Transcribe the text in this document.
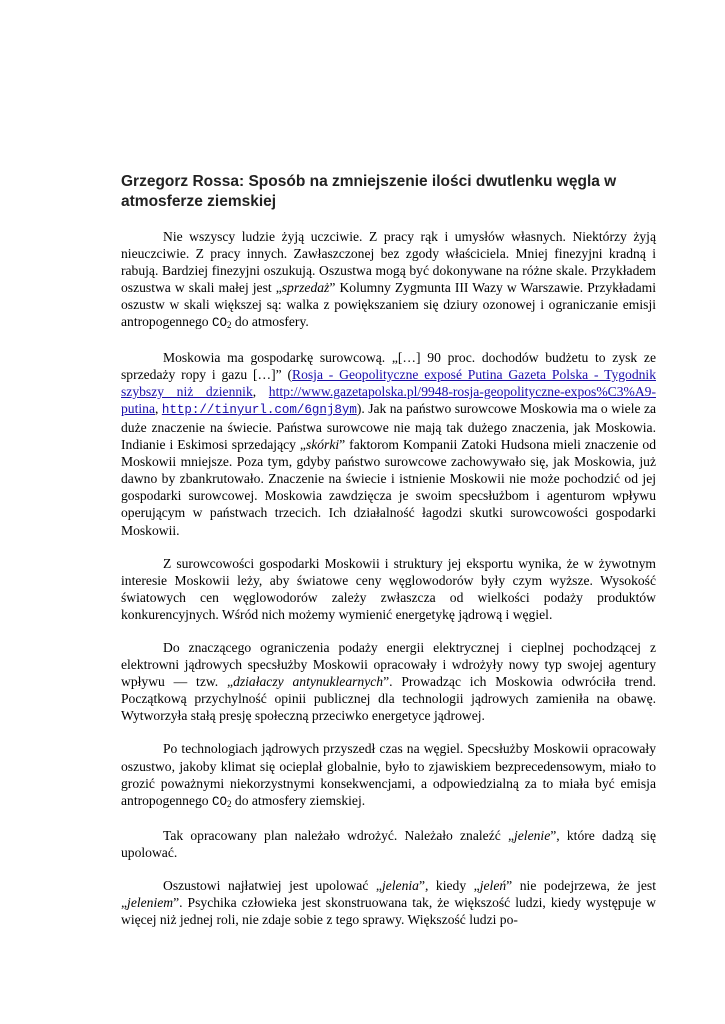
Grzegorz Rossa: Sposób na zmniejszenie ilości dwutlenku węgla w atmosferze ziemskiej

Nie wszyscy ludzie żyją uczciwie. Z pracy rąk i umysłów własnych. Niektórzy żyją nieuczciwie. Z pracy innych. Zawłaszczonej bez zgody właściciela. Mniej finezyjni kradną i rabują. Bardziej finezyjni oszukują. Oszustwa mogą być dokonywane na różne skale. Przykładem oszustwa w skali małej jest „sprzedaż” Kolumny Zygmunta III Wazy w Warszawie. Przykładami oszustw w skali większej są: walka z powiększaniem się dziury ozonowej i ograniczanie emisji antropogennego $CO_2$ do atmosfery.

Moskowia ma gospodarkę surowcową. „[…] 90 proc. dochodów budżetu to zysk ze sprzedaży ropy i gazu […]” (Rosja - Geopolityczne exposé Putina Gazeta Polska - Tygodnik szybszy niż dziennik, http://www.gazetapolska.pl/9948-rosja-geopolityczne-expos%C3%A9-putina, http://tinyurl.com/6gnj8ym). Jak na państwo surowcowe Moskowia ma o wiele za duże znaczenie na świecie. Państwa surowcowe nie mają tak dużego znaczenia, jak Moskowia. Indianie i Eskimosi sprzedający „skórki” faktorom Kompanii Zatoki Hudsona mieli znaczenie od Moskowii mniejsze. Poza tym, gdyby państwo surowcowe zachowywało się, jak Moskowia, już dawno by zbankrutowało. Znaczenie na świecie i istnienie Moskowii nie może pochodzić od jej gospodarki surowcowej. Moskowia zawdzięcza je swoim specsłużbom i agenturom wpływu operującym w państwach trzecich. Ich działalność łagodzi skutki surowcowości gospodarki Moskowii.

Z surowcowości gospodarki Moskowii i struktury jej eksportu wynika, że w żywotnym interesie Moskowii leży, aby światowe ceny węglowodorów były czym wyższe. Wysokość światowych cen węglowodorów zależy zwłaszcza od wielkości podaży produktów konkurencyjnych. Wśród nich możemy wymienić energetykę jądrową i węgiel.

Do znaczącego ograniczenia podaży energii elektrycznej i cieplnej pochodzącej z elektrowni jądrowych specsłużby Moskowii opracowały i wdrożyły nowy typ swojej agentury wpływu — tzw. „działaczy antynuklearnych”. Prowadząc ich Moskowia odwróciła trend. Początkową przychylność opinii publicznej dla technologii jądrowych zamieniła na obawę. Wytworzyła stałą presję społeczną przeciwko energetyce jądrowej.

Po technologiach jądrowych przyszedł czas na węgiel. Specsłużby Moskowii opracowały oszustwo, jakoby klimat się ocieplał globalnie, było to zjawiskiem bezprecedensowym, miało to grozić poważnymi niekorzystnymi konsekwencjami, a odpowiedzialną za to miała być emisja antropogennego $CO_2$ do atmosfery ziemskiej.

Tak opracowany plan należało wdrożyć. Należało znaleźć „jelenie”, które dadzą się upolować.

Oszustowi najłatwiej jest upolować „jelenia”, kiedy „jeleń” nie podejrzewa, że jest „jeleniem”. Psychika człowieka jest skonstruowana tak, że większość ludzi, kiedy występuje w więcej niż jednej roli, nie zdaje sobie z tego sprawy. Większość ludzi po-
